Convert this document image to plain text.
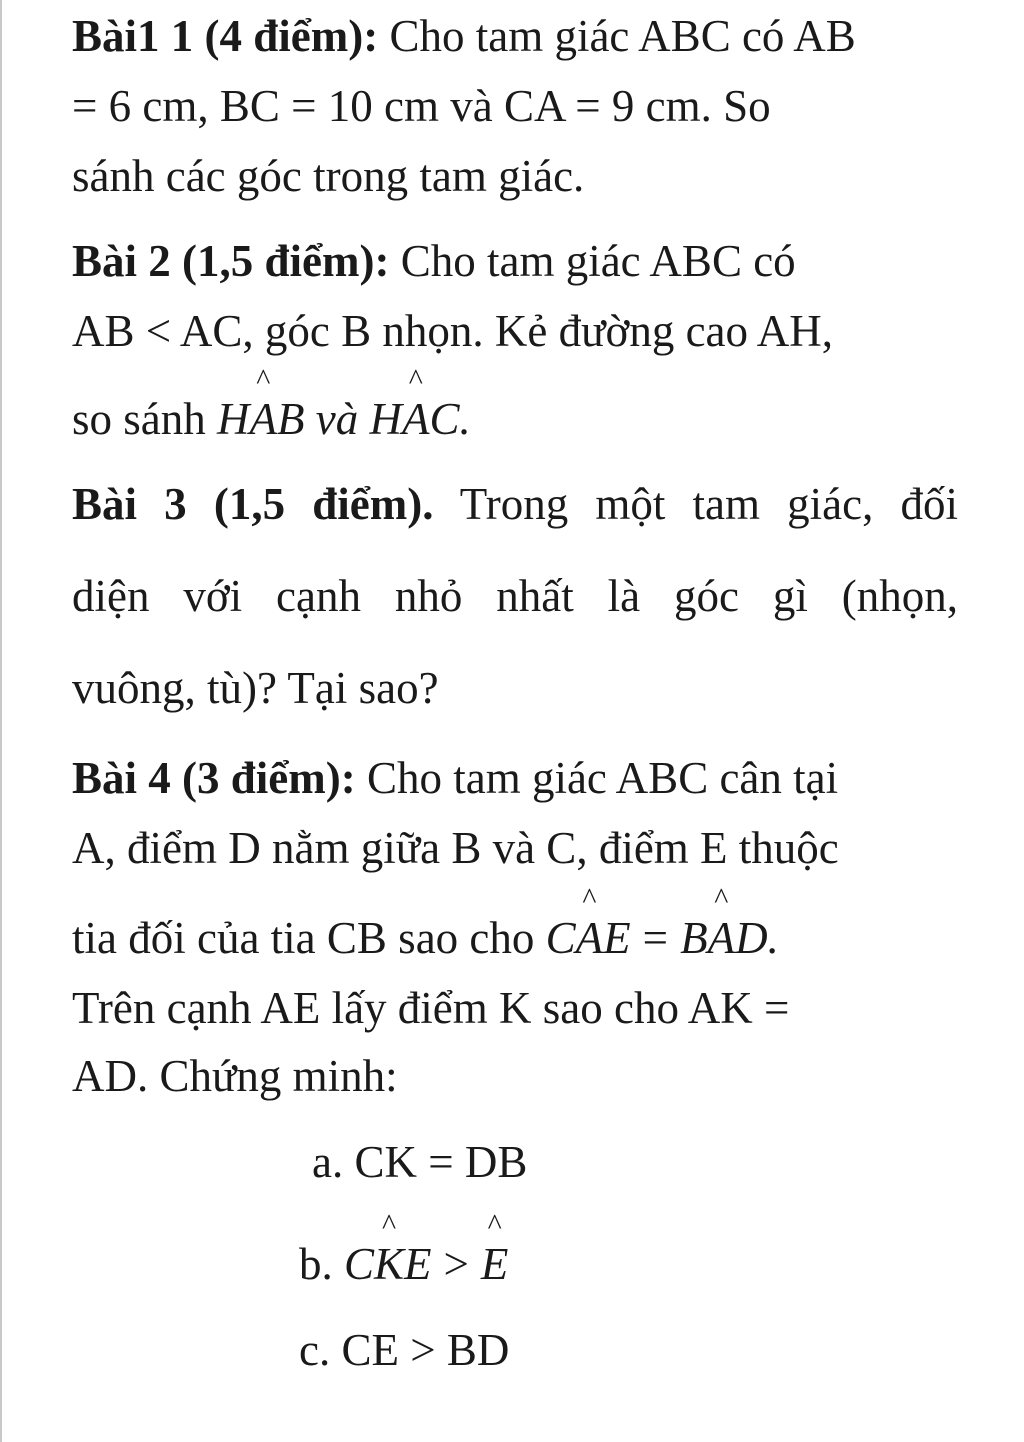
Bài1 1 (4 điểm): Cho tam giác ABC có AB
= 6 cm, BC = 10 cm và CA = 9 cm. So
sánh các góc trong tam giác.
Bài 2 (1,5 điểm): Cho tam giác ABC có
AB < AC, góc B nhọn. Kẻ đường cao AH,
so sánh H
^
AB và H
^
AC.
Bài 3 (1,5 điểm). Trong một tam giác, đối
diện với cạnh nhỏ nhất là góc gì (nhọn,
vuông, tù)? Tại sao?
Bài 4 (3 điểm): Cho tam giác ABC cân tại
A, điểm D nằm giữa B và C, điểm E thuộc
tia đối của tia CB sao cho C
^
AE = B
^
AD.
Trên cạnh AE lấy điểm K sao cho AK =
AD. Chứng minh:
a. CK = DB
b. C
^
KE >
^
E
c. CE > BD
